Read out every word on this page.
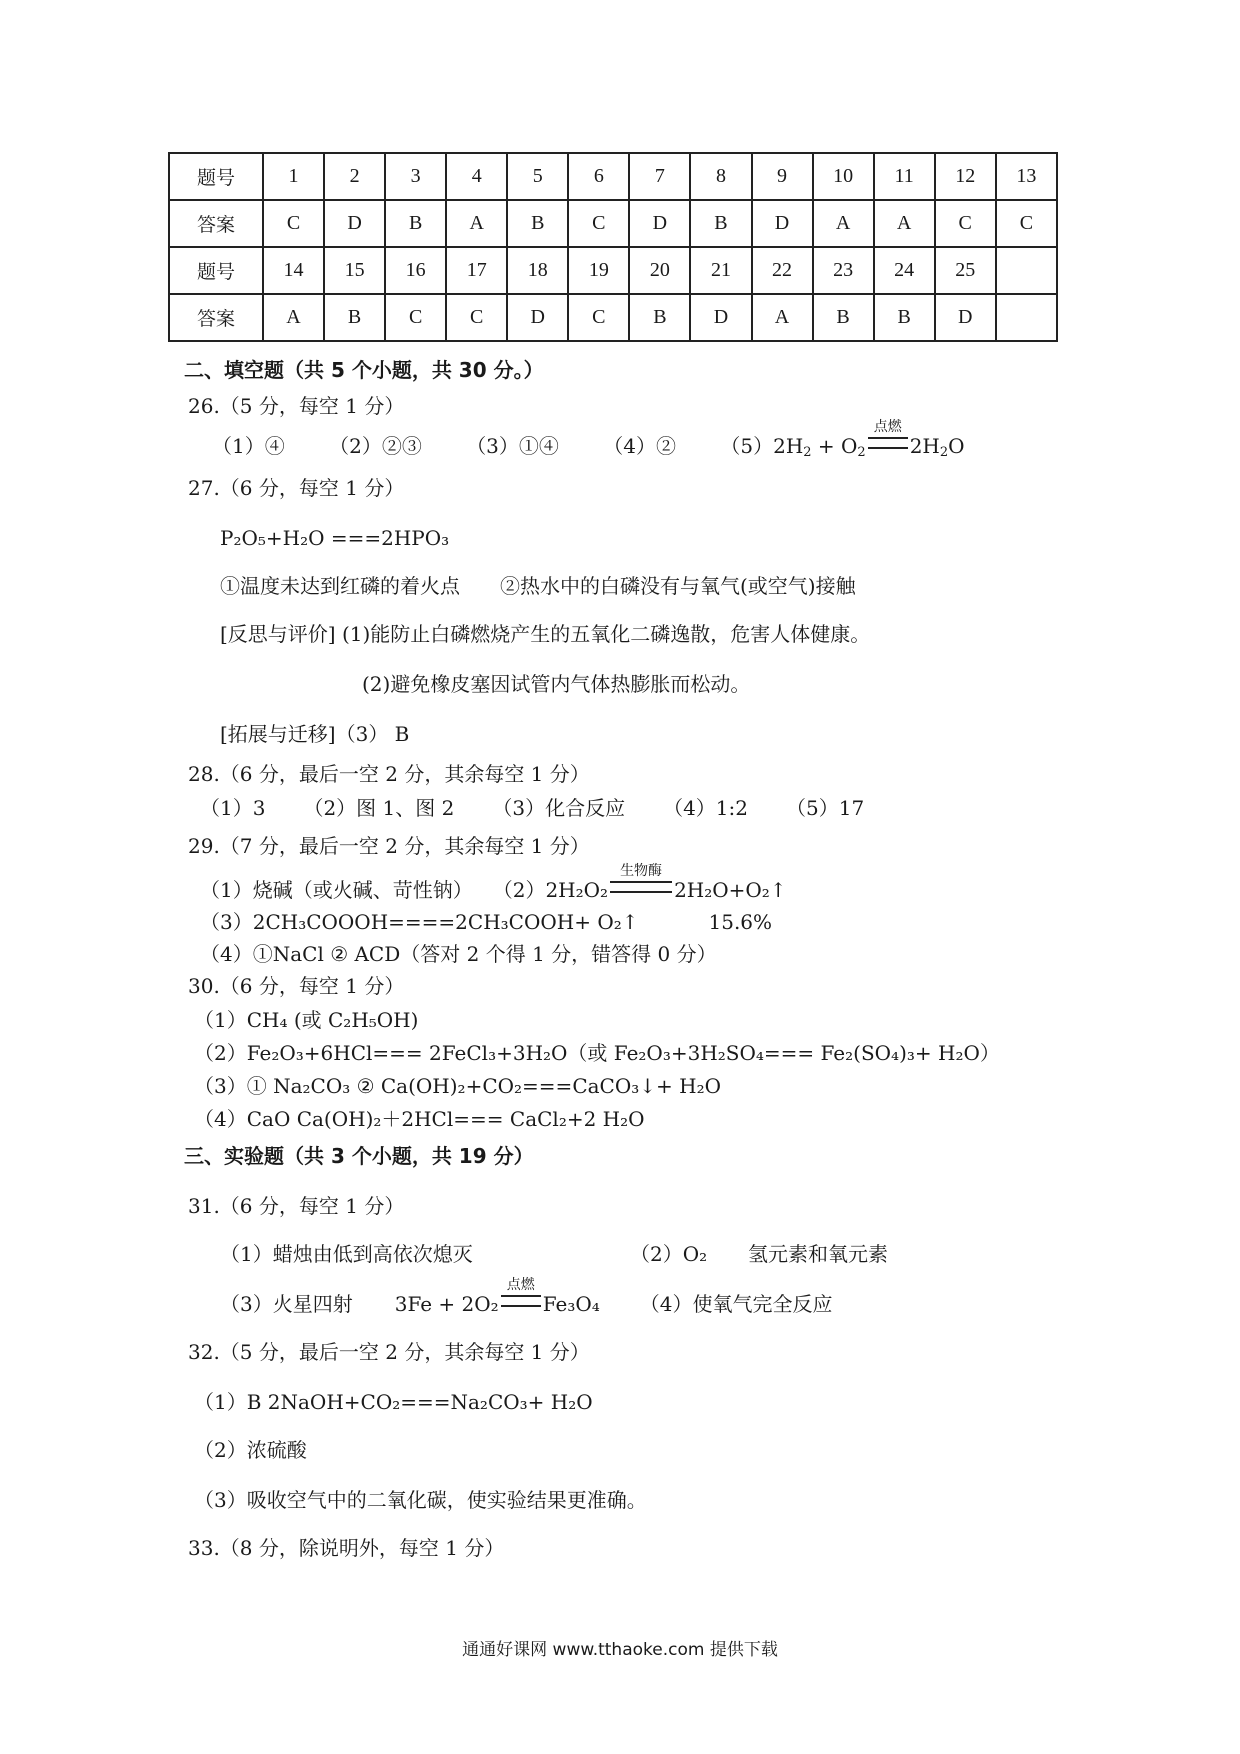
题号	1	2	3	4	5	6	7	8	9	10	11	12	13
答案	C	D	B	A	B	C	D	B	D	A	A	C	C
题号	14	15	16	17	18	19	20	21	22	23	24	25	
答案	A	B	C	C	D	C	B	D	A	B	B	D	
二、填空题（共 5 个小题，共 30 分。）
26.（5 分，每空 1 分）
（1）④ （2）②③ （3）①④ （4）② $(5)2H_2 + O_2$
点燃
$2H_2O$
27.（6 分，每空 1 分）
P₂O₅+H₂O ===2HPO₃
①温度未达到红磷的着火点 ②热水中的白磷没有与氧气(或空气)接触
[反思与评价] (1)能防止白磷燃烧产生的五氧化二磷逸散，危害人体健康。
(2)避免橡皮塞因试管内气体热膨胀而松动。
[拓展与迁移]（3） B
28.（6 分，最后一空 2 分，其余每空 1 分）
（1）3 （2）图 1、图 2 （3）化合反应 （4）1:2 （5）17
29.（7 分，最后一空 2 分，其余每空 1 分）
（1）烧碱（或火碱、苛性钠） （2）2H₂O₂
生物酶
2H₂O+O₂↑
（3）2CH₃COOOH====2CH₃COOH+ O₂↑	15.6%
（4）①NaCl ② ACD（答对 2 个得 1 分，错答得 0 分）
30.（6 分，每空 1 分）
（1）CH₄ (或 C₂H₅OH)
（2）Fe₂O₃+6HCl=== 2FeCl₃+3H₂O（或 Fe₂O₃+3H₂SO₄=== Fe₂(SO₄)₃+ H₂O）
（3）① Na₂CO₃ ② Ca(OH)₂+CO₂===CaCO₃↓+ H₂O
（4）CaO Ca(OH)₂＋2HCl=== CaCl₂+2 H₂O
三、实验题（共 3 个小题，共 19 分）
31.（6 分，每空 1 分）
（1）蜡烛由低到高依次熄灭	（2）O₂ 氢元素和氧元素
（3）火星四射 3Fe + 2O₂
点燃
Fe₃O₄ （4）使氧气完全反应
32.（5 分，最后一空 2 分，其余每空 1 分）
（1）B 2NaOH+CO₂===Na₂CO₃+ H₂O
（2）浓硫酸
（3）吸收空气中的二氧化碳，使实验结果更准确。
33.（8 分，除说明外，每空 1 分）
通通好课网 www.tthaoke.com 提供下载
